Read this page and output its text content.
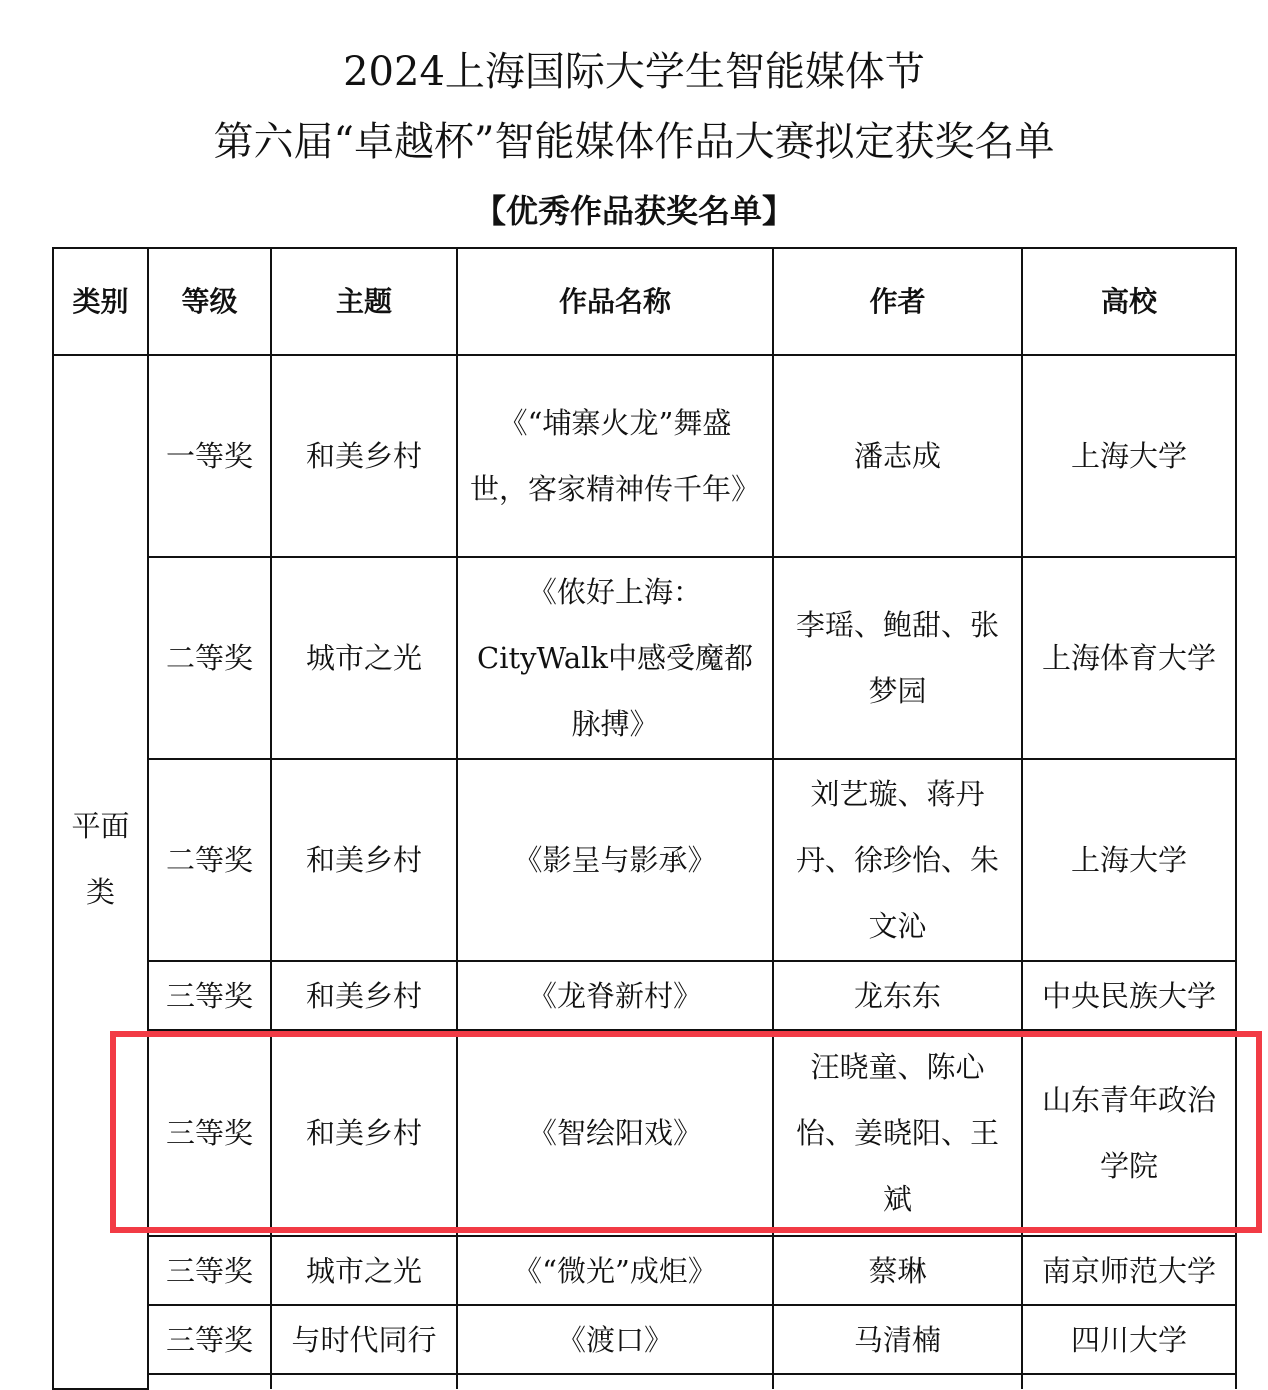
2024上海国际大学生智能媒体节
第六届“卓越杯”智能媒体作品大赛拟定获奖名单
【优秀作品获奖名单】
类别	等级	主题	作品名称	作者	高校
平面类	一等奖	和美乡村	《“埔寨火龙”舞盛世，客家精神传千年》	潘志成	上海大学
	二等奖	城市之光	《侬好上海：CityWalk中感受魔都脉搏》	李瑶、鲍甜、张梦园	上海体育大学
	二等奖	和美乡村	《影呈与影承》	刘艺璇、蒋丹丹、徐珍怡、朱文沁	上海大学
	三等奖	和美乡村	《龙脊新村》	龙东东	中央民族大学
	三等奖	和美乡村	《智绘阳戏》	汪晓童、陈心怡、姜晓阳、王斌	山东青年政治学院
	三等奖	城市之光	《“微光”成炬》	蔡琳	南京师范大学
	三等奖	与时代同行	《渡口》	马清楠	四川大学
